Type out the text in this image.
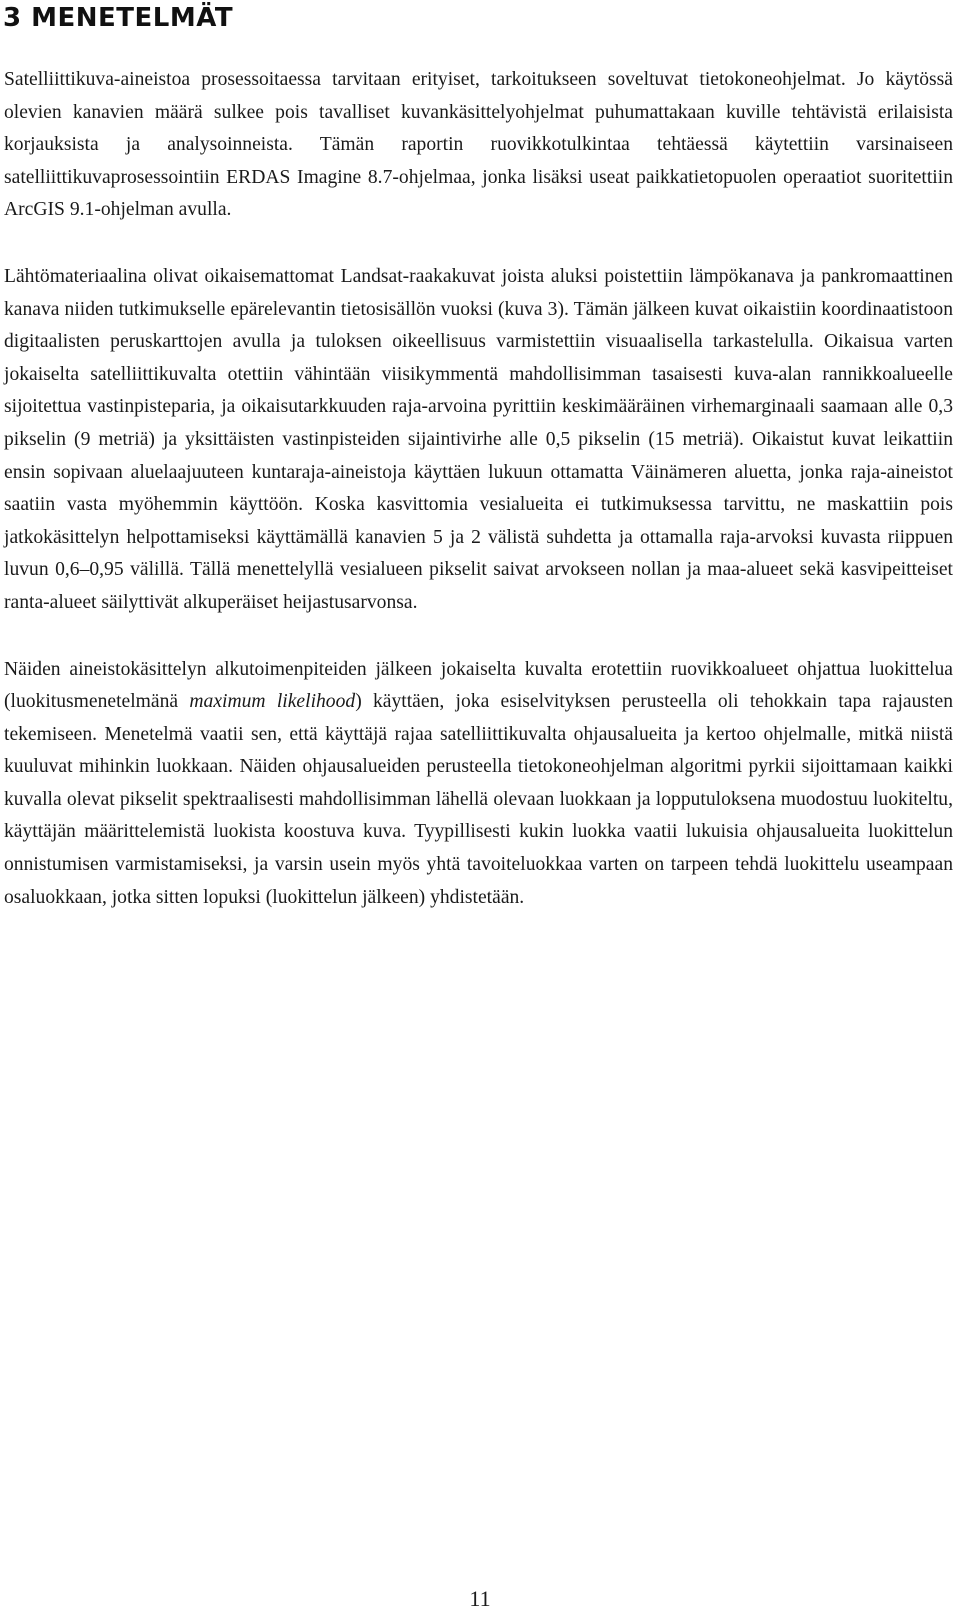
3 MENETELMÄT

Satelliittikuva-aineistoa prosessoitaessa tarvitaan erityiset, tarkoitukseen soveltuvat tietokoneohjelmat. Jo käytössä olevien kanavien määrä sulkee pois tavalliset kuvankäsittelyohjelmat puhumattakaan kuville tehtävistä erilaisista korjauksista ja analysoinneista. Tämän raportin ruovikkotulkintaa tehtäessä käytettiin varsinaiseen satelliittikuvaprosessointiin ERDAS Imagine 8.7-ohjelmaa, jonka lisäksi useat paikkatietopuolen operaatiot suoritettiin ArcGIS 9.1-ohjelman avulla.

Lähtömateriaalina olivat oikaisemattomat Landsat-raakakuvat joista aluksi poistettiin lämpökanava ja pankromaattinen kanava niiden tutkimukselle epärelevantin tietosisällön vuoksi (kuva 3). Tämän jälkeen kuvat oikaistiin koordinaatistoon digitaalisten peruskarttojen avulla ja tuloksen oikeellisuus varmistettiin visuaalisella tarkastelulla. Oikaisua varten jokaiselta satelliittikuvalta otettiin vähintään viisikymmentä mahdollisimman tasaisesti kuva-alan rannikkoalueelle sijoitettua vastinpisteparia, ja oikaisutarkkuuden raja-arvoina pyrittiin keskimääräinen virhemarginaali saamaan alle 0,3 pikselin (9 metriä) ja yksittäisten vastinpisteiden sijaintivirhe alle 0,5 pikselin (15 metriä). Oikaistut kuvat leikattiin ensin sopivaan aluelaajuuteen kuntaraja-aineistoja käyttäen lukuun ottamatta Väinämeren aluetta, jonka raja-aineistot saatiin vasta myöhemmin käyttöön. Koska kasvittomia vesialueita ei tutkimuksessa tarvittu, ne maskattiin pois jatkokäsittelyn helpottamiseksi käyttämällä kanavien 5 ja 2 välistä suhdetta ja ottamalla raja-arvoksi kuvasta riippuen luvun 0,6–0,95 välillä. Tällä menettelyllä vesialueen pikselit saivat arvokseen nollan ja maa-alueet sekä kasvipeitteiset ranta-alueet säilyttivät alkuperäiset heijastusarvonsa.

Näiden aineistokäsittelyn alkutoimenpiteiden jälkeen jokaiselta kuvalta erotettiin ruovikkoalueet ohjattua luokittelua (luokitusmenetelmänä maximum likelihood) käyttäen, joka esiselvityksen perusteella oli tehokkain tapa rajausten tekemiseen. Menetelmä vaatii sen, että käyttäjä rajaa satelliittikuvalta ohjausalueita ja kertoo ohjelmalle, mitkä niistä kuuluvat mihinkin luokkaan. Näiden ohjausalueiden perusteella tietokoneohjelman algoritmi pyrkii sijoittamaan kaikki kuvalla olevat pikselit spektraalisesti mahdollisimman lähellä olevaan luokkaan ja lopputuloksena muodostuu luokiteltu, käyttäjän määrittelemistä luokista koostuva kuva. Tyypillisesti kukin luokka vaatii lukuisia ohjausalueita luokittelun onnistumisen varmistamiseksi, ja varsin usein myös yhtä tavoiteluokkaa varten on tarpeen tehdä luokittelu useampaan osaluokkaan, jotka sitten lopuksi (luokittelun jälkeen) yhdistetään.

11
